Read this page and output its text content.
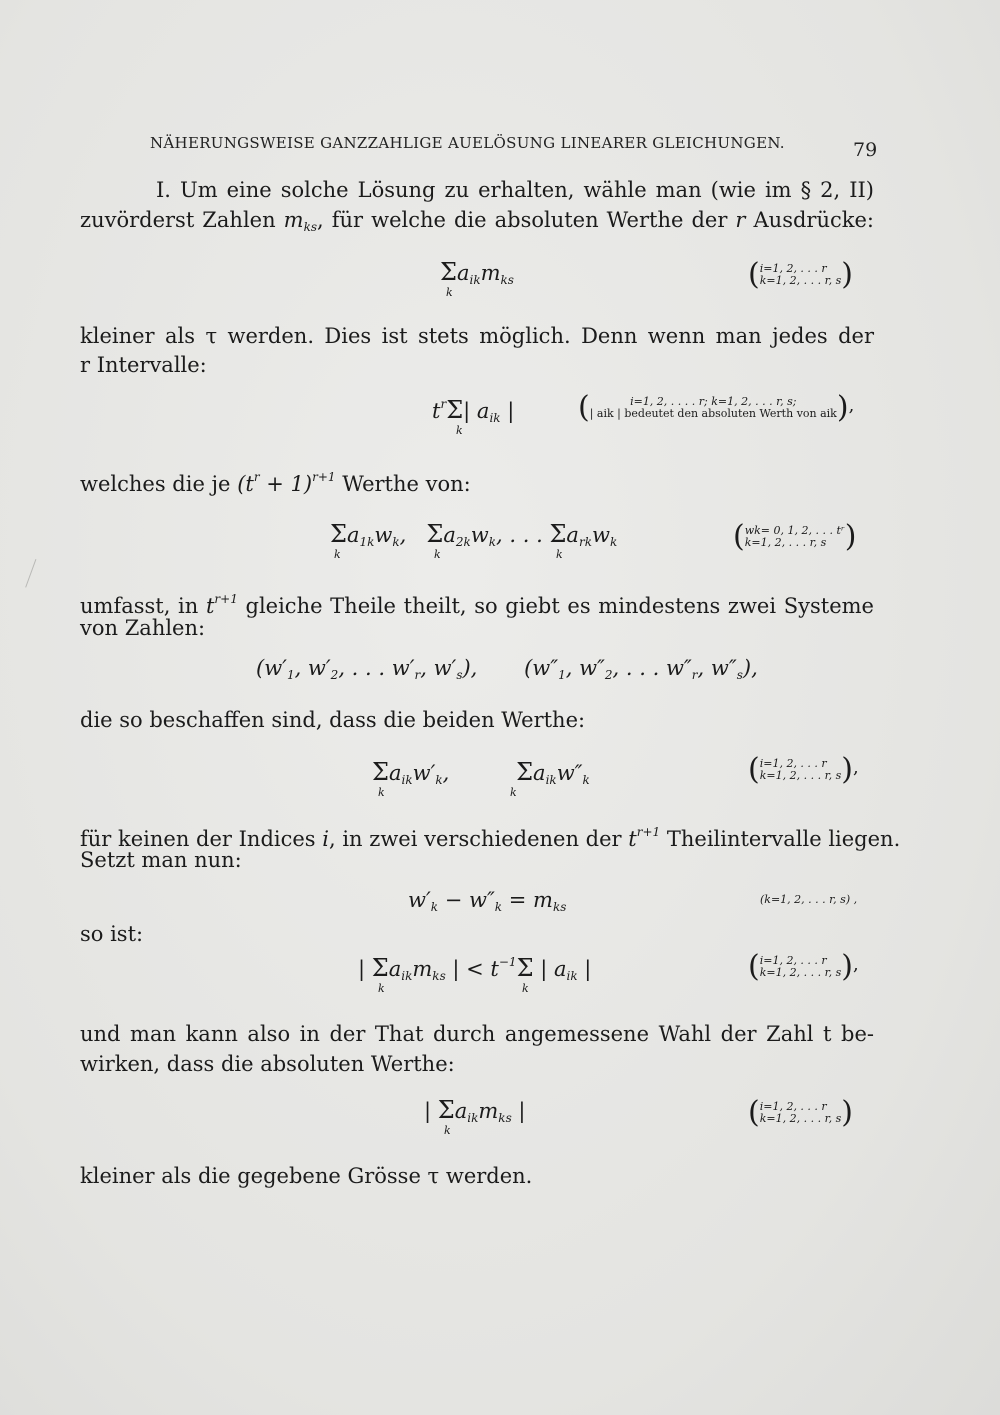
NÄHERUNGSWEISE GANZZAHLIGE AUELÖSUNG LINEARER GLEICHUNGEN.	79
I. Um eine solche Lösung zu erhalten, wähle man (wie im § 2, II)
zuvörderst Zahlen $m_{ks}$, für welche die absoluten Werthe der r Ausdrücke:
$\Sigma a_{ik}m_{ks}$
k
(i=1, 2, . . . r
k=1, 2, . . . r, s)
kleiner als τ werden. Dies ist stets möglich. Denn wenn man jedes der
r Intervalle:
$t^r\Sigma|$ $a_{ik}$ |
k
(	i=1, 2, . . . . r; k=1, 2, . . . r, s;
| aik | bedeutet den absoluten Werth von aik),
welches die je $(t^r + 1)^{r+1}$ Werthe von:
$\Sigma a_{1k}w_k$,   $\Sigma a_{2k}w_k$, . . . $\Sigma a_{rk}w_k$
k	k	k
(wk= 0, 1, 2, . . . tʳ
k=1, 2, . . . r, s )
umfasst, in $t^{r+1}$ gleiche Theile theilt, so giebt es mindestens zwei Systeme
von Zahlen:
($w'_1$, $w'_2$, . . . $w'_r$, $w'_s$),       ($w''_1$, $w''_2$, . . . $w''_r$, $w''_s$),
die so beschaffen sind, dass die beiden Werthe:
$\Sigma a_{ik}w'_k$,          $\Sigma a_{ik}w''_k$
k	k
(i=1, 2, . . . r
k=1, 2, . . . r, s),
für keinen der Indices i, in zwei verschiedenen der $t^{r+1}$ Theilintervalle liegen.
Setzt man nun:
$w'_k - w''_k = m_{ks}$
(k=1, 2, . . . r, s) ,
so ist:
| $\Sigma a_{ik}m_{ks}$ | < $t^{-1}\Sigma$ | $a_{ik}$ |
k	k
(i=1, 2, . . . r
k=1, 2, . . . r, s),
und man kann also in der That durch angemessene Wahl der Zahl t be-
wirken, dass die absoluten Werthe:
| $\Sigma a_{ik}m_{ks}$ |
k
(i=1, 2, . . . r
k=1, 2, . . . r, s)
kleiner als die gegebene Grösse τ werden.
